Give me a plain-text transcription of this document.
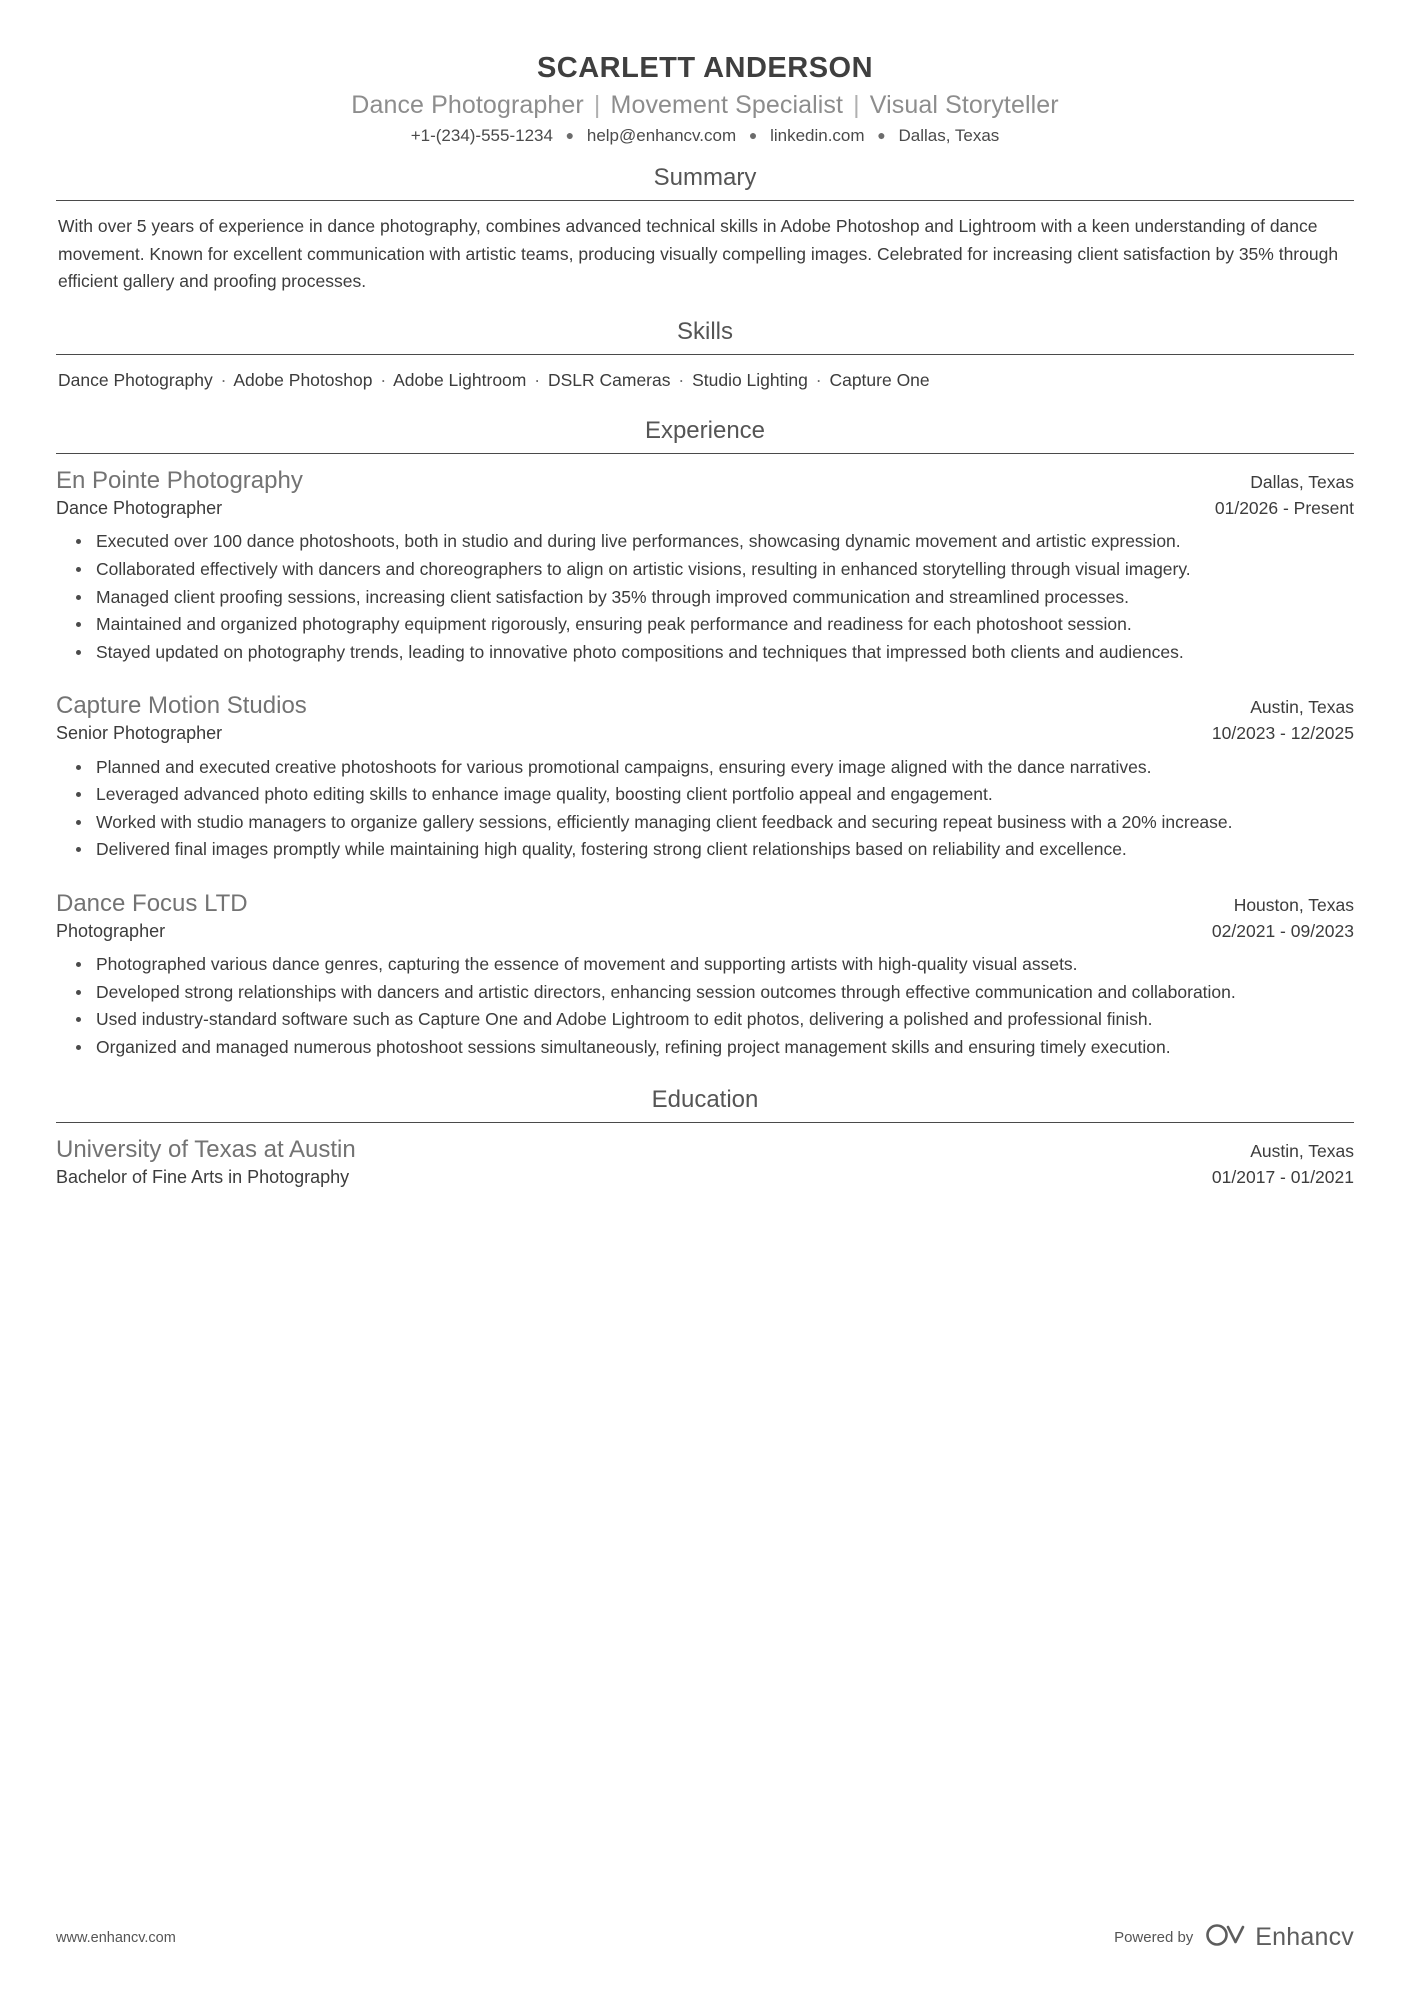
SCARLETT ANDERSON
Dance Photographer | Movement Specialist | Visual Storyteller
+1-(234)-555-1234 ● help@enhancv.com ● linkedin.com ● Dallas, Texas
Summary
With over 5 years of experience in dance photography, combines advanced technical skills in Adobe Photoshop and Lightroom with a keen understanding of dance movement. Known for excellent communication with artistic teams, producing visually compelling images. Celebrated for increasing client satisfaction by 35% through efficient gallery and proofing processes.
Skills
Dance Photography · Adobe Photoshop · Adobe Lightroom · DSLR Cameras · Studio Lighting · Capture One
Experience
En Pointe Photography	Dallas, Texas
Dance Photographer	01/2026 - Present
Executed over 100 dance photoshoots, both in studio and during live performances, showcasing dynamic movement and artistic expression.
Collaborated effectively with dancers and choreographers to align on artistic visions, resulting in enhanced storytelling through visual imagery.
Managed client proofing sessions, increasing client satisfaction by 35% through improved communication and streamlined processes.
Maintained and organized photography equipment rigorously, ensuring peak performance and readiness for each photoshoot session.
Stayed updated on photography trends, leading to innovative photo compositions and techniques that impressed both clients and audiences.
Capture Motion Studios	Austin, Texas
Senior Photographer	10/2023 - 12/2025
Planned and executed creative photoshoots for various promotional campaigns, ensuring every image aligned with the dance narratives.
Leveraged advanced photo editing skills to enhance image quality, boosting client portfolio appeal and engagement.
Worked with studio managers to organize gallery sessions, efficiently managing client feedback and securing repeat business with a 20% increase.
Delivered final images promptly while maintaining high quality, fostering strong client relationships based on reliability and excellence.
Dance Focus LTD	Houston, Texas
Photographer	02/2021 - 09/2023
Photographed various dance genres, capturing the essence of movement and supporting artists with high-quality visual assets.
Developed strong relationships with dancers and artistic directors, enhancing session outcomes through effective communication and collaboration.
Used industry-standard software such as Capture One and Adobe Lightroom to edit photos, delivering a polished and professional finish.
Organized and managed numerous photoshoot sessions simultaneously, refining project management skills and ensuring timely execution.
Education
University of Texas at Austin	Austin, Texas
Bachelor of Fine Arts in Photography	01/2017 - 01/2021
www.enhancv.com	Powered by Enhancv
